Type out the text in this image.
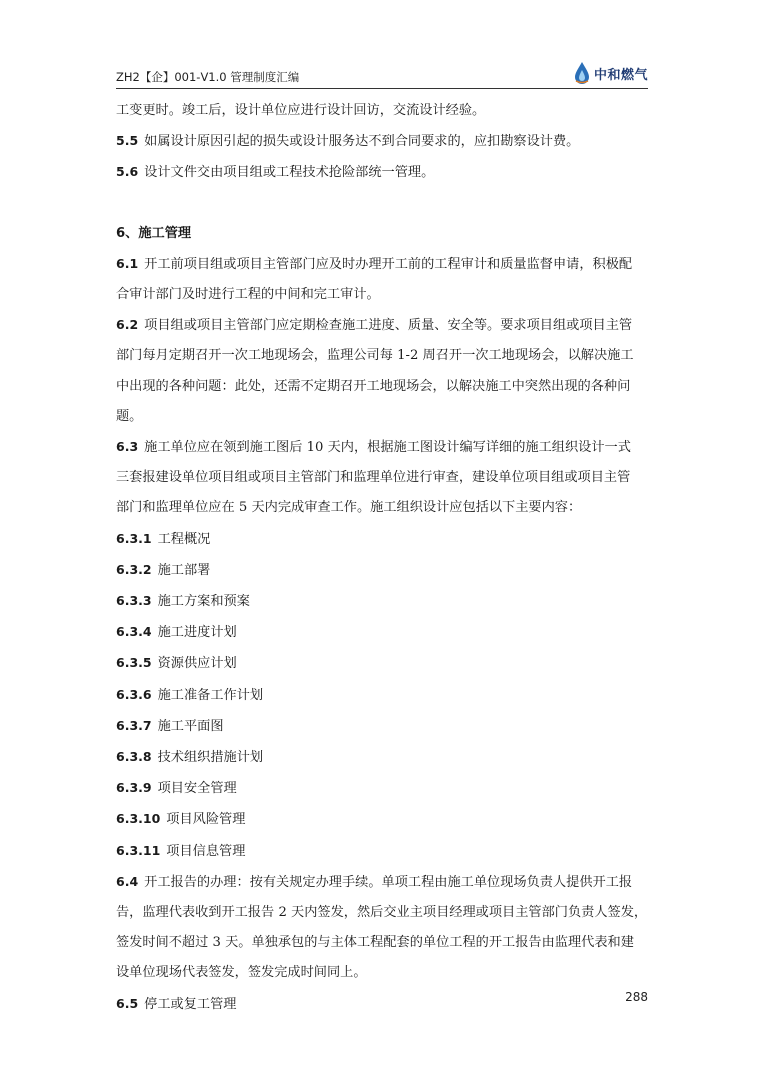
ZH2【企】001-V1.0 管理制度汇编	中和燃气

工变更时。竣工后，设计单位应进行设计回访，交流设计经验。

5.5 如属设计原因引起的损失或设计服务达不到合同要求的，应扣勘察设计费。

5.6 设计文件交由项目组或工程技术抢险部统一管理。

6、施工管理

6.1 开工前项目组或项目主管部门应及时办理开工前的工程审计和质量监督申请，积极配

合审计部门及时进行工程的中间和完工审计。

6.2 项目组或项目主管部门应定期检查施工进度、质量、安全等。要求项目组或项目主管

部门每月定期召开一次工地现场会，监理公司每 1-2 周召开一次工地现场会，以解决施工

中出现的各种问题：此处，还需不定期召开工地现场会，以解决施工中突然出现的各种问

题。

6.3 施工单位应在领到施工图后 10 天内，根据施工图设计编写详细的施工组织设计一式

三套报建设单位项目组或项目主管部门和监理单位进行审查，建设单位项目组或项目主管

部门和监理单位应在 5 天内完成审查工作。施工组织设计应包括以下主要内容：

6.3.1 工程概况

6.3.2 施工部署

6.3.3 施工方案和预案

6.3.4 施工进度计划

6.3.5 资源供应计划

6.3.6 施工准备工作计划

6.3.7 施工平面图

6.3.8 技术组织措施计划

6.3.9 项目安全管理

6.3.10 项目风险管理

6.3.11 项目信息管理

6.4 开工报告的办理：按有关规定办理手续。单项工程由施工单位现场负责人提供开工报

告，监理代表收到开工报告 2 天内签发，然后交业主项目经理或项目主管部门负责人签发，

签发时间不超过 3 天。单独承包的与主体工程配套的单位工程的开工报告由监理代表和建

设单位现场代表签发，签发完成时间同上。

6.5 停工或复工管理	288
